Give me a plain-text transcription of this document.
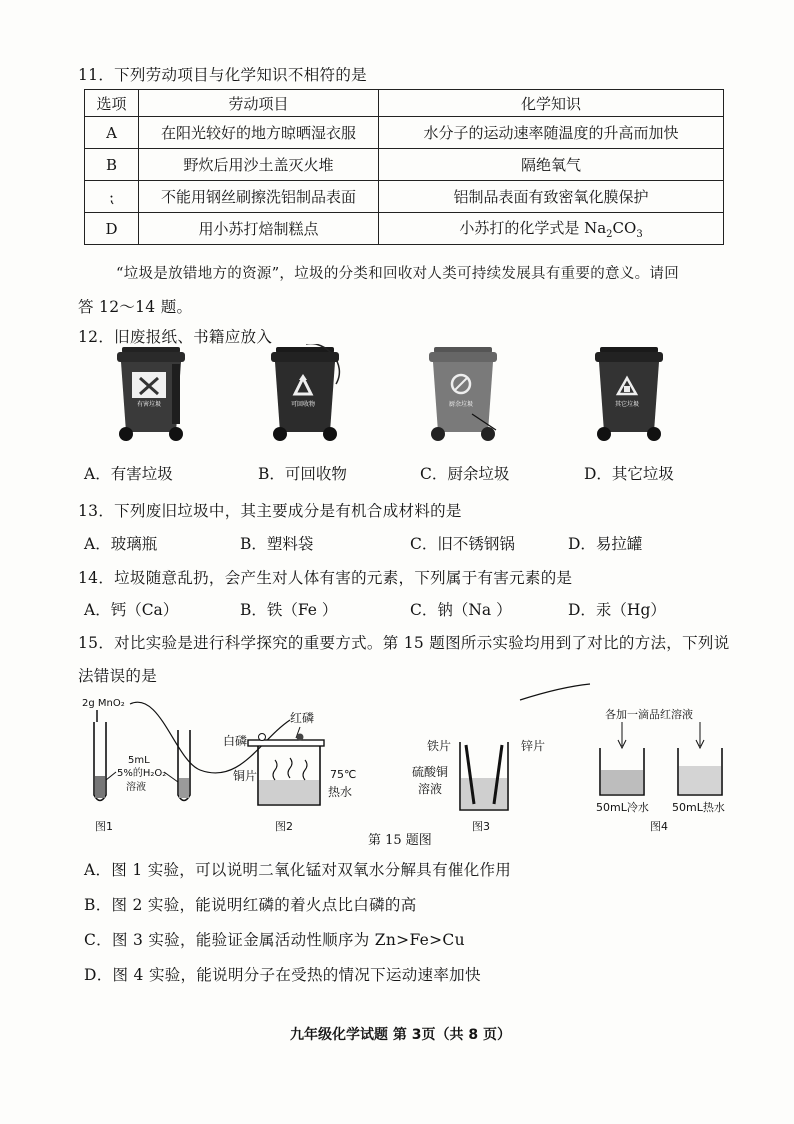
11．下列劳动项目与化学知识不相符的是
选项	劳动项目	化学知识
A	在阳光较好的地方晾晒湿衣服	水分子的运动速率随温度的升高而加快
B	野炊后用沙土盖灭火堆	隔绝氧气
⁏	不能用钢丝刷擦洗铝制品表面	铝制品表面有致密氧化膜保护
D	用小苏打焙制糕点	小苏打的化学式是 $Na_2CO_3$
“垃圾是放错地方的资源”，垃圾的分类和回收对人类可持续发展具有重要的意义。请回
答 12～14 题。
12．旧废报纸、书籍应放入
有害垃圾	可回收物	厨余垃圾	其它垃圾
A．有害垃圾	B．可回收物	C．厨余垃圾	D．其它垃圾
13．下列废旧垃圾中，其主要成分是有机合成材料的是
A．玻璃瓶	B．塑料袋	C．旧不锈钢锅	D．易拉罐
14．垃圾随意乱扔，会产生对人体有害的元素，下列属于有害元素的是
A．钙（Ca）	B．铁（Fe ）	C．钠（Na ）	D．汞（Hg）
15．对比实验是进行科学探究的重要方式。第 15 题图所示实验均用到了对比的方法，下列说
法错误的是
2g MnO₂
5mL
5%的H₂O₂
溶液
图1
白磷
红磷
铜片	75℃
热水
图2
铁片	锌片
硫酸铜
溶液
图3
各加一滴品红溶液
50mL冷水 50mL热水
图4
第 15 题图
A．图 1 实验，可以说明二氧化锰对双氧水分解具有催化作用
B．图 2 实验，能说明红磷的着火点比白磷的高
C．图 3 实验，能验证金属活动性顺序为 Zn>Fe>Cu
D．图 4 实验，能说明分子在受热的情况下运动速率加快
九年级化学试题 第 3页（共 8 页）
